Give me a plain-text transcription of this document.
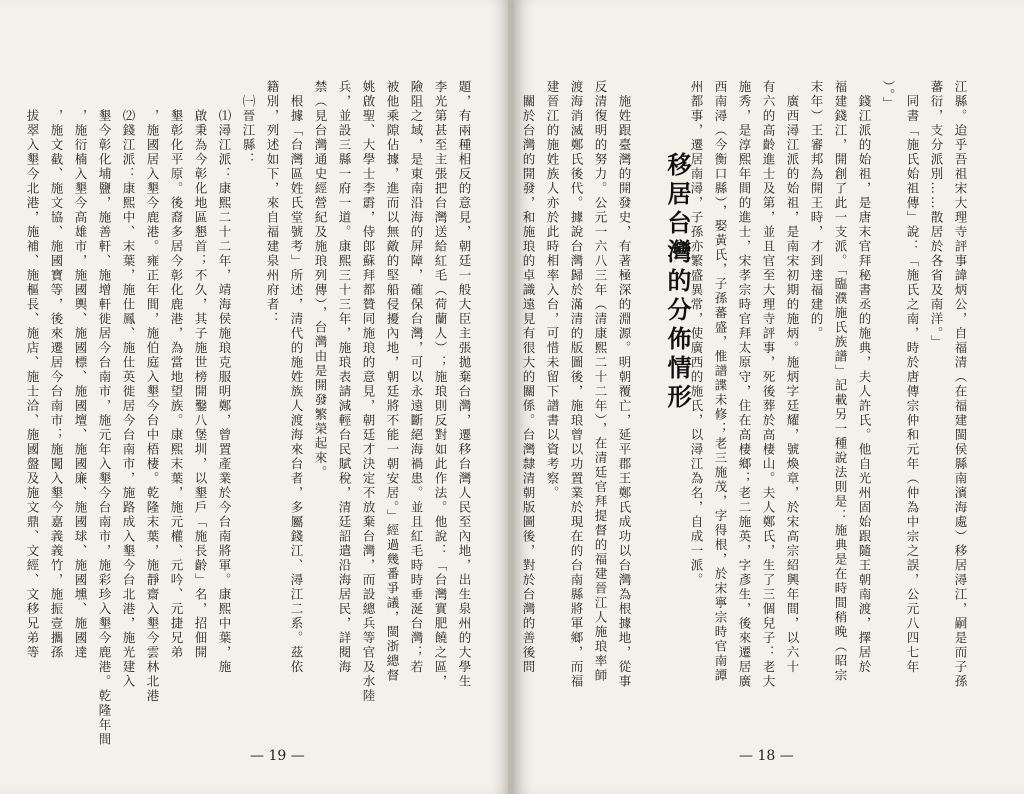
題，有兩種相反的意見，朝廷一般大臣主張拋棄台灣，遷移台灣人民至內地，出生泉州的大學生
李光第甚至主張把台灣送給紅毛（荷蘭人）；施琅則反對如此作法。他說：「台灣實肥饒之區，
險阻之域，是東南沿海的屏障，確保台灣，可以永遠斷絕海禍患。並且紅毛時時垂涎台灣；若
被他乘隙佔據，進而以無敵的堅船侵擾內地，朝廷將不能一朝安居。」經過幾番爭議，閩浙總督
姚啟聖、大學士李霨，侍郎蘇拜都贊同施琅的意見，朝廷才決定不放棄台灣，而設總兵等官及水陸
兵，並設三縣一府一道。康熙三十三年，施琅表請減輕台民賦稅，清廷詔遣沿海居民，詳閱海
禁（見台灣通史經營紀及施琅列傳），台灣由是開發繁榮起來。
　根據「台灣區姓氏堂號考」所述，清代的施姓族人渡海來台者，多屬錢江、潯江二系。茲依
籍別，列述如下，來自福建泉州府者：
　㈠晉江縣：
　　⑴潯江派：康熙二十二年，靖海侯施琅克服明鄭，曾置產業於今台南將軍。康熙中葉，施
　　啟秉為今彰化地區懇首；不久，其子施世榜開鑿八堡圳，以墾戶「施長齡」名，招佃開
　　墾彰化平原。後裔多居今彰化鹿港，為當地望族。康熙末葉，施元權、元吟、元捷兄弟
　　，施國居入墾今鹿港。雍正年間，施伯庭入墾今台中梧棲。乾隆末葉，施靜齋入墾今雲林北港
　　⑵錢江派：康熙中、末葉，施仕鳳、施仕英徙居今台南市，施路成入墾今台北港，施光建入
　　墾今彰化埔鹽，施善軒、施增軒徙居今台南市，施元年入墾今台南市，施彩珍入墾今鹿港。乾隆年間
　　，施衍楠入墾今高雄市，施國輿、施國標、施國壇、施國廉、施國球、施國壎、施國達
　　，施文截、施文協、施國寶等，後來遷居今台南市；施闖入墾今嘉義義竹，施振壹攜孫
　　拔翠入墾今北港，施補、施樞長、施店、施士洽、施國盤及施文鼎、文經、文移兄弟等
— 19 —
江縣。迨乎吾祖宋大理寺評事諱炳公，自福清（在福建閩侯縣南濱海處）移居潯江，嗣是而子孫
蕃衍，支分派別……散居於各省及南洋。」
　同書「施氏始祖傳」說：「施氏之南，時於唐傳宗仲和元年（仲為中宗之誤，公元八四七年
）。」
　錢江派的始祖，是唐末官拜秘書丞的施典，夫人許氏。他自光州固始跟隨王朝南渡，擇居於
福建錢江，開創了此一支派。「臨濮施氏族譜」記載另一種說法則是：施典是在時間稍晚（昭宗
末年）王審邦為開王時，才到達福建的。
　廣西潯江派的始祖，是南宋初期的施炳。施炳字廷耀，號煥章，於宋高宗紹興年間，以六十
有六的高齡進士及第，並且官至大理寺評事，死後葬於高棲山。夫人鄭氏，生了三個兒子：老大
施秀，是淳熙年間的進士，宋孝宗時官拜太原守，住在高棲鄉；老二施英，字彥生，後來遷居廣
西南潯（今衡口縣），娶黃氏，子孫蕃盛，惟譜諜未修；老三施茂，字得根，於宋寧宗時官南譚
州都事，遷居南潯，子孫亦繁盛異常，使廣西的施氏，以潯江為名，自成一派。

　施姓跟臺灣的開發史，有著極深的淵源。明朝覆亡，延平郡王鄭氏成功以台灣為根據地，從事
反清復明的努力。公元一六八三年（清康熙二十二年），在清廷官拜提督的福建晉江人施琅率師
渡海消滅鄭氏後代。據說台灣歸於滿清的版圖後，施琅曾以功置業於現在的台南縣將軍鄉，而福
建晉江的施姓族人亦於此時相率入台，可惜未留下譜書以資考察。
　關於台灣的開發，和施琅的卓識遠見有很大的關係。台灣隸清朝版圖後，對於台灣的善後問
— 18 —
移居台灣的分佈情形
